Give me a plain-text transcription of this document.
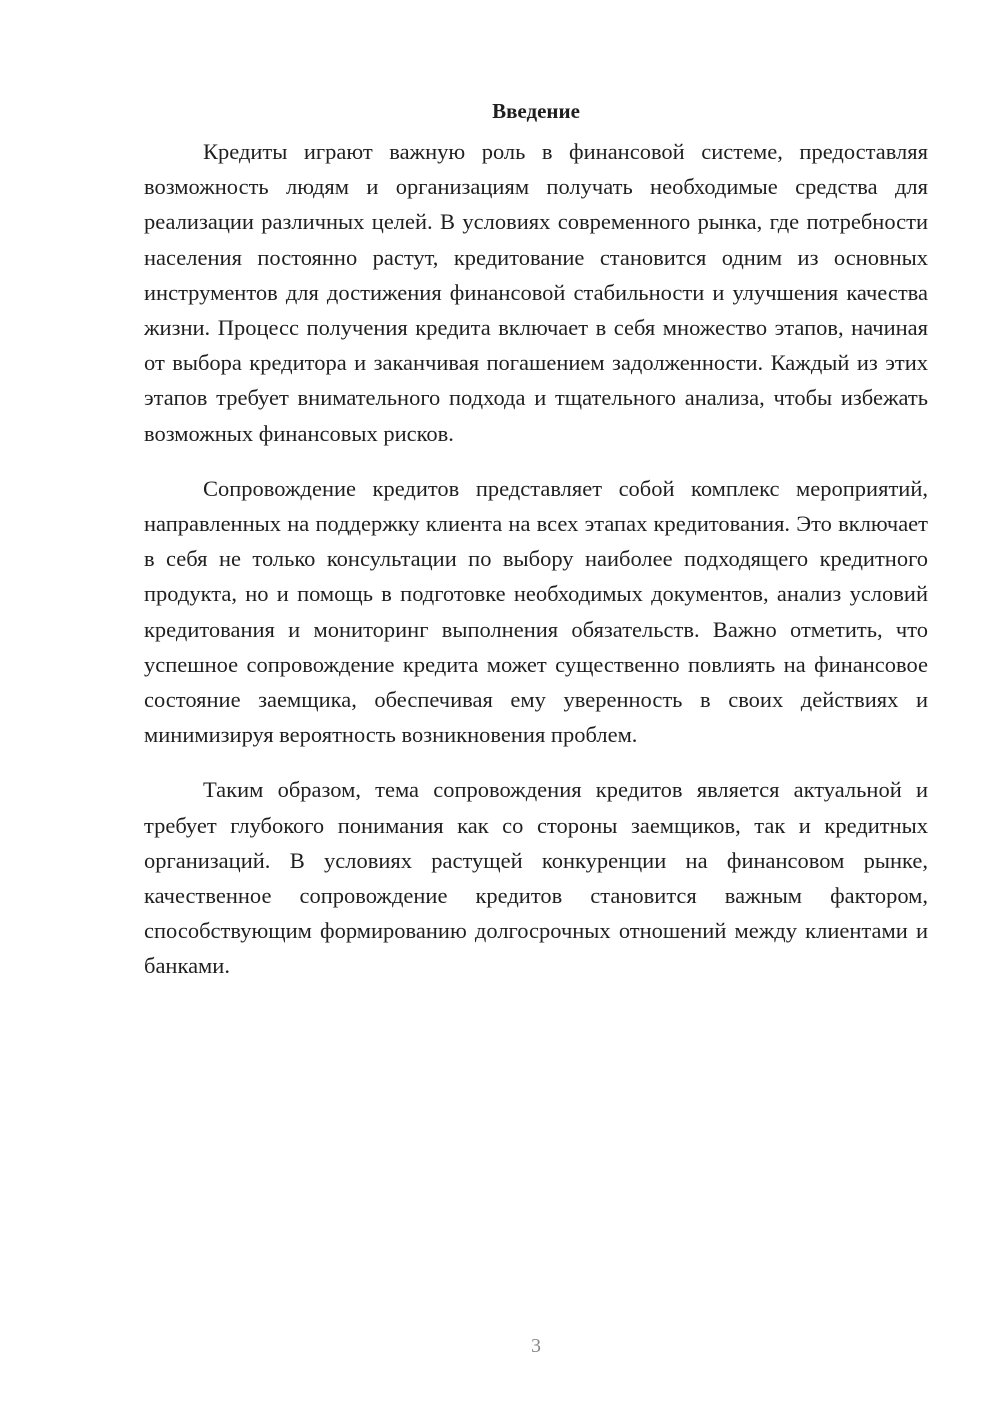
Введение

Кредиты играют важную роль в финансовой системе, предоставляя возможность людям и организациям получать необходимые средства для реализации различных целей. В условиях современного рынка, где потребности населения постоянно растут, кредитование становится одним из основных инструментов для достижения финансовой стабильности и улучшения качества жизни. Процесс получения кредита включает в себя множество этапов, начиная от выбора кредитора и заканчивая погашением задолженности. Каждый из этих этапов требует внимательного подхода и тщательного анализа, чтобы избежать возможных финансовых рисков.

Сопровождение кредитов представляет собой комплекс мероприятий, направленных на поддержку клиента на всех этапах кредитования. Это включает в себя не только консультации по выбору наиболее подходящего кредитного продукта, но и помощь в подготовке необходимых документов, анализ условий кредитования и мониторинг выполнения обязательств. Важно отметить, что успешное сопровождение кредита может существенно повлиять на финансовое состояние заемщика, обеспечивая ему уверенность в своих действиях и минимизируя вероятность возникновения проблем.

Таким образом, тема сопровождения кредитов является актуальной и требует глубокого понимания как со стороны заемщиков, так и кредитных организаций. В условиях растущей конкуренции на финансовом рынке, качественное сопровождение кредитов становится важным фактором, способствующим формированию долгосрочных отношений между клиентами и банками.

3
